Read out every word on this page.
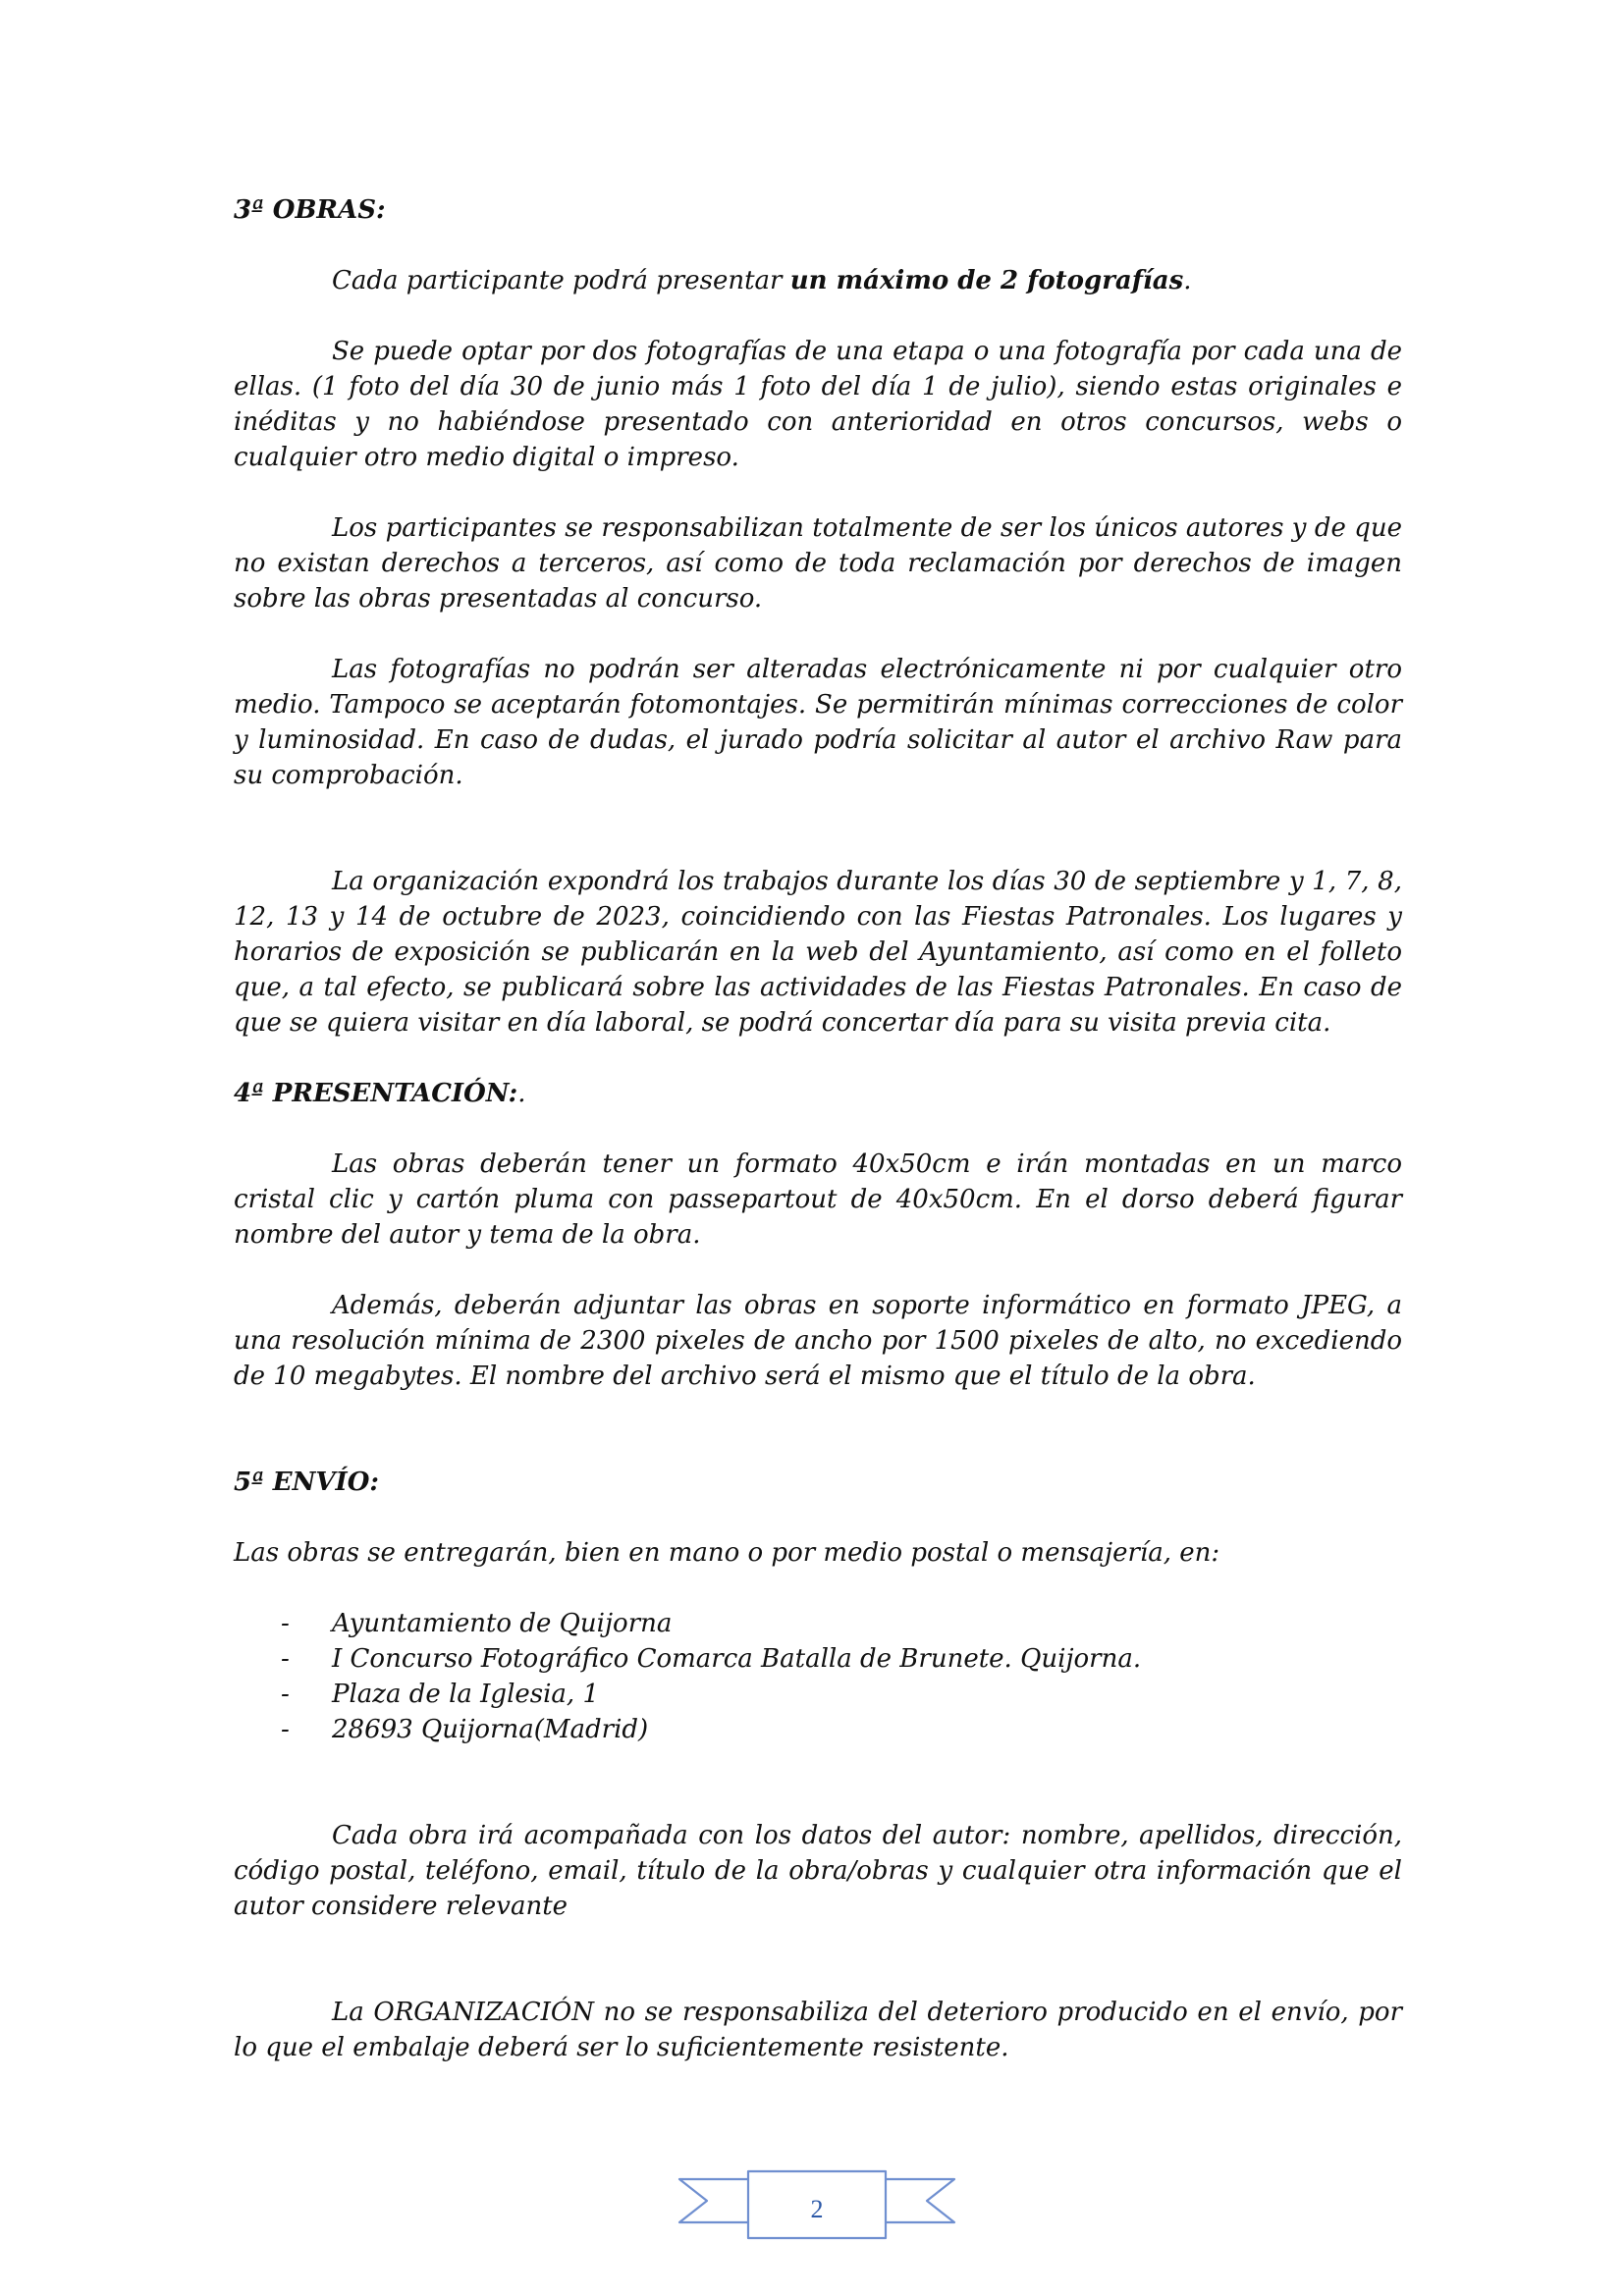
3ª OBRAS:

Cada participante podrá presentar un máximo de 2 fotografías.

Se puede optar por dos fotografías de una etapa o una fotografía por cada una de ellas. (1 foto del día 30 de junio más 1 foto del día 1 de julio), siendo estas originales e inéditas y no habiéndose presentado con anterioridad en otros concursos, webs o cualquier otro medio digital o impreso.

Los participantes se responsabilizan totalmente de ser los únicos autores y de que no existan derechos a terceros, así como de toda reclamación por derechos de imagen sobre las obras presentadas al concurso.

Las fotografías no podrán ser alteradas electrónicamente ni por cualquier otro medio. Tampoco se aceptarán fotomontajes. Se permitirán mínimas correcciones de color y luminosidad. En caso de dudas, el jurado podría solicitar al autor el archivo Raw para su comprobación.

La organización expondrá los trabajos durante los días 30 de septiembre y 1, 7, 8, 12, 13 y 14 de octubre de 2023, coincidiendo con las Fiestas Patronales. Los lugares y horarios de exposición se publicarán en la web del Ayuntamiento, así como en el folleto que, a tal efecto, se publicará sobre las actividades de las Fiestas Patronales. En caso de que se quiera visitar en día laboral, se podrá concertar día para su visita previa cita.

4ª PRESENTACIÓN:.

Las obras deberán tener un formato 40x50cm e irán montadas en un marco cristal clic y cartón pluma con passepartout de 40x50cm. En el dorso deberá figurar nombre del autor y tema de la obra.

Además, deberán adjuntar las obras en soporte informático en formato JPEG, a una resolución mínima de 2300 pixeles de ancho por 1500 pixeles de alto, no excediendo de 10 megabytes. El nombre del archivo será el mismo que el título de la obra.

5ª ENVÍO:

Las obras se entregarán, bien en mano o por medio postal o mensajería, en:

- Ayuntamiento de Quijorna
- I Concurso Fotográfico Comarca Batalla de Brunete. Quijorna.
- Plaza de la Iglesia, 1
- 28693 Quijorna(Madrid)

Cada obra irá acompañada con los datos del autor: nombre, apellidos, dirección, código postal, teléfono, email, título de la obra/obras y cualquier otra información que el autor considere relevante

La ORGANIZACIÓN no se responsabiliza del deterioro producido en el envío, por lo que el embalaje deberá ser lo suficientemente resistente.

2
